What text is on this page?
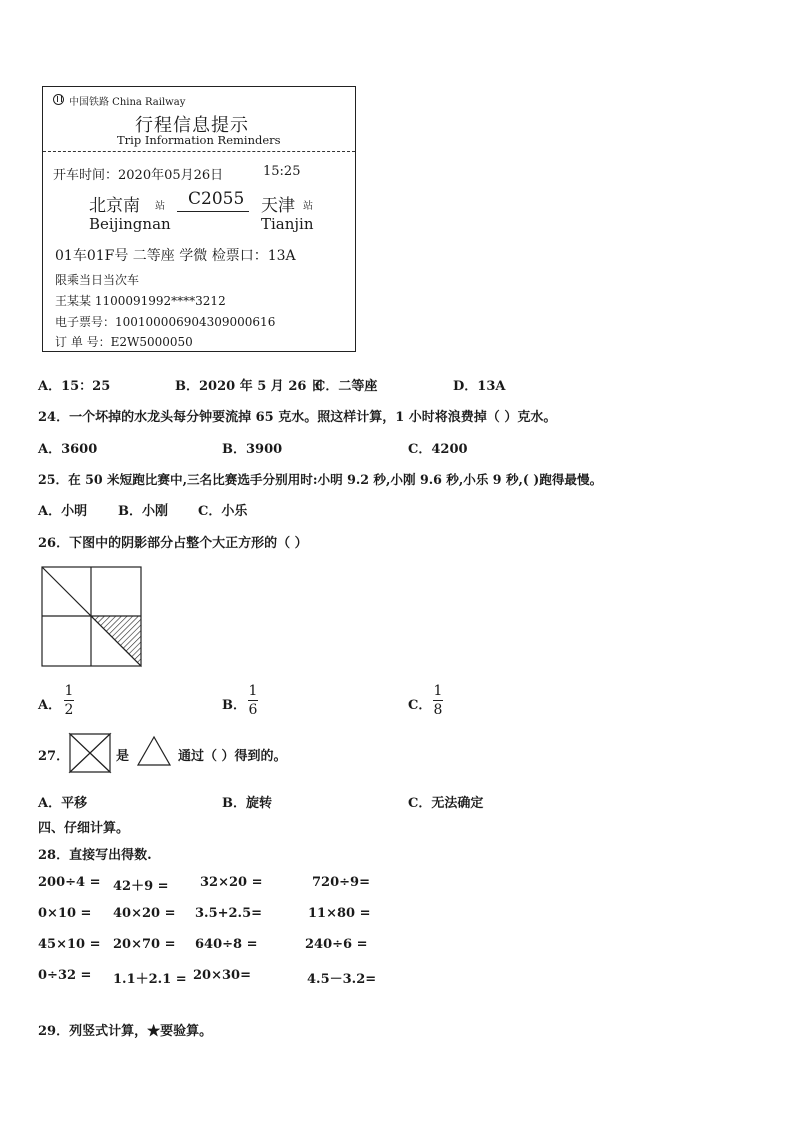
中国铁路 China Railway
行程信息提示
Trip Information Reminders
开车时间：2020年05月26日	15:25
北京南 站 C2055 天津 站
Beijingnan	Tianjin
01车01F号 二等座 学微 检票口：13A
限乘当日当次车
王某某 1100091992****3212
电子票号：10010000690430900061​6
订 单 号：E2W5000050
A．15：25	B．2020 年 5 月 26 日
C．二等座	D．13A
24．一个坏掉的水龙头每分钟要流掉 65 克水。照这样计算，1 小时将浪费掉（ ）克水。
A．3600	B．3900	C．4200
25．在 50 米短跑比赛中,三名比赛选手分别用时:小明 9.2 秒,小刚 9.6 秒,小乐 9 秒,( )跑得最慢。
A．小明 B．小刚 C．小乐
26．下图中的阴影部分占整个大正方形的（ ）
A．
1
2	B．
1
6	C．
1
8
27．	是	通过（ ）得到的。
A．平移	B．旋转	C．无法确定
四、仔细计算。
28．直接写出得数.
200÷4 = 42＋9 = 32×20 =	720÷9=
0×10 = 40×20 = 3.5+2.5=	11×80 =
45×10 = 20×70 = 640÷8 =	240÷6 =
0÷32 = 1.1＋2.1 = 20×30=	4.5－3.2=
29．列竖式计算，★要验算。
